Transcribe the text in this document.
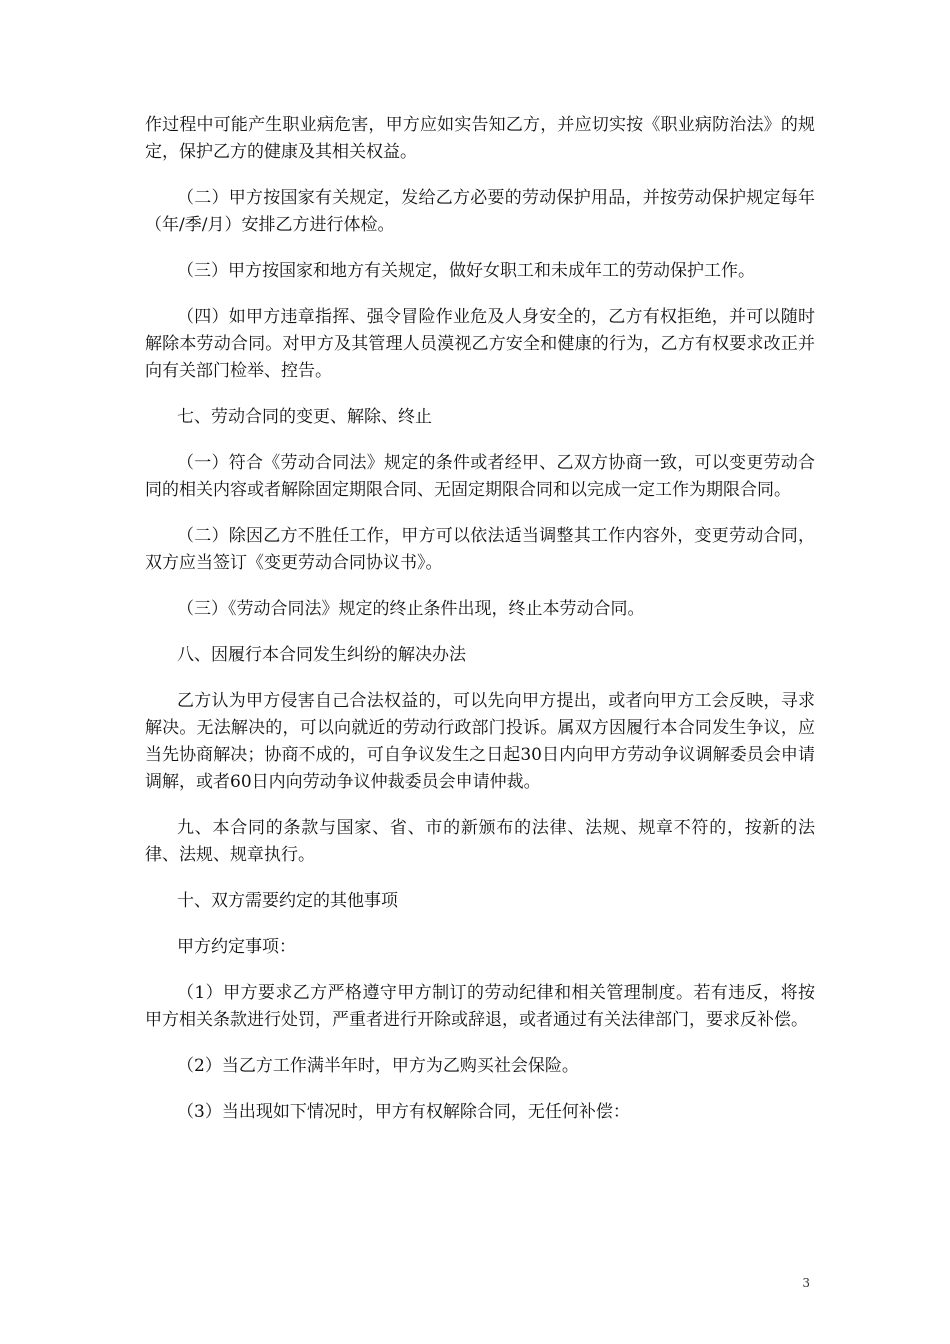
作过程中可能产生职业病危害，甲方应如实告知乙方，并应切实按《职业病防治法》的规定，保护乙方的健康及其相关权益。

（二）甲方按国家有关规定，发给乙方必要的劳动保护用品，并按劳动保护规定每年（年/季/月）安排乙方进行体检。

（三）甲方按国家和地方有关规定，做好女职工和未成年工的劳动保护工作。

（四）如甲方违章指挥、强令冒险作业危及人身安全的，乙方有权拒绝，并可以随时解除本劳动合同。对甲方及其管理人员漠视乙方安全和健康的行为，乙方有权要求改正并向有关部门检举、控告。

七、劳动合同的变更、解除、终止

（一）符合《劳动合同法》规定的条件或者经甲、乙双方协商一致，可以变更劳动合同的相关内容或者解除固定期限合同、无固定期限合同和以完成一定工作为期限合同。

（二）除因乙方不胜任工作，甲方可以依法适当调整其工作内容外，变更劳动合同，双方应当签订《变更劳动合同协议书》。

（三）《劳动合同法》规定的终止条件出现，终止本劳动合同。

八、因履行本合同发生纠纷的解决办法

乙方认为甲方侵害自己合法权益的，可以先向甲方提出，或者向甲方工会反映，寻求解决。无法解决的，可以向就近的劳动行政部门投诉。属双方因履行本合同发生争议，应当先协商解决；协商不成的，可自争议发生之日起30日内向甲方劳动争议调解委员会申请调解，或者60日内向劳动争议仲裁委员会申请仲裁。

九、本合同的条款与国家、省、市的新颁布的法律、法规、规章不符的，按新的法律、法规、规章执行。

十、双方需要约定的其他事项

甲方约定事项：

（1）甲方要求乙方严格遵守甲方制订的劳动纪律和相关管理制度。若有违反，将按甲方相关条款进行处罚，严重者进行开除或辞退，或者通过有关法律部门，要求反补偿。

（2）当乙方工作满半年时，甲方为乙购买社会保险。

（3）当出现如下情况时，甲方有权解除合同，无任何补偿：

3
